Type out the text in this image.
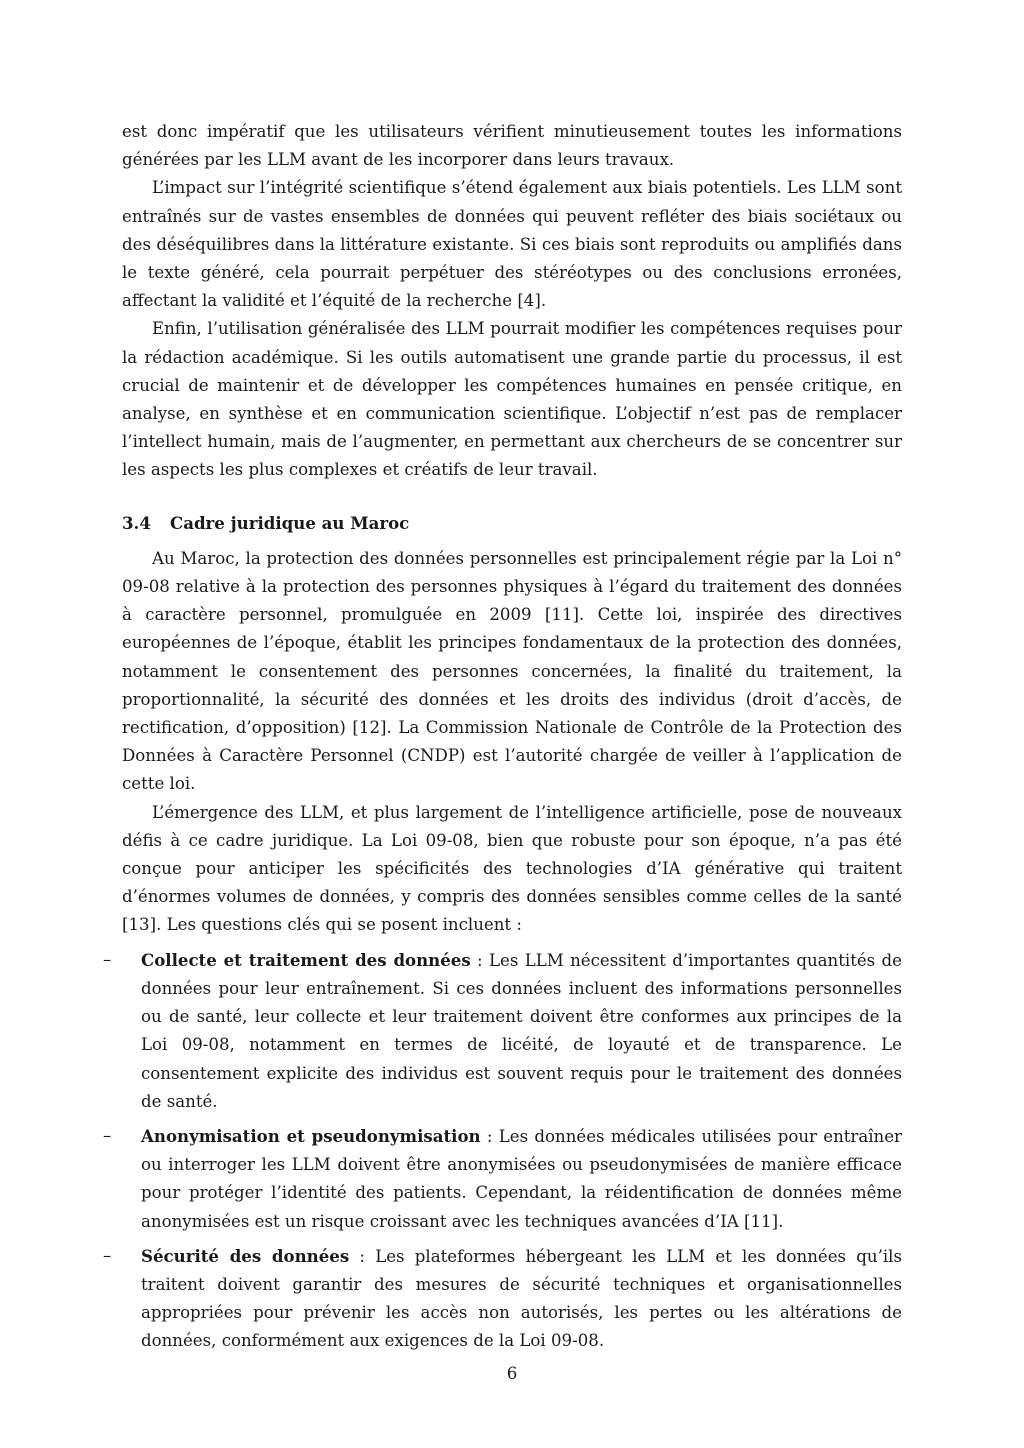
est donc impératif que les utilisateurs vérifient minutieusement toutes les informations générées par les LLM avant de les incorporer dans leurs travaux.

L’impact sur l’intégrité scientifique s’étend également aux biais potentiels. Les LLM sont entraînés sur de vastes ensembles de données qui peuvent refléter des biais sociétaux ou des déséquilibres dans la littérature existante. Si ces biais sont reproduits ou amplifiés dans le texte généré, cela pourrait perpétuer des stéréotypes ou des conclusions erronées, affectant la validité et l’équité de la recherche [4].

Enfin, l’utilisation généralisée des LLM pourrait modifier les compétences requises pour la rédaction académique. Si les outils automatisent une grande partie du processus, il est crucial de maintenir et de développer les compétences humaines en pensée critique, en analyse, en synthèse et en communication scientifique. L’objectif n’est pas de remplacer l’intellect humain, mais de l’augmenter, en permettant aux chercheurs de se concentrer sur les aspects les plus complexes et créatifs de leur travail.

3.4 Cadre juridique au Maroc

Au Maroc, la protection des données personnelles est principalement régie par la Loi n° 09-08 relative à la protection des personnes physiques à l’égard du traitement des données à caractère personnel, promulguée en 2009 [11]. Cette loi, inspirée des directives européennes de l’époque, établit les principes fondamentaux de la protection des données, notamment le consentement des personnes concernées, la finalité du traitement, la proportionnalité, la sécurité des données et les droits des individus (droit d’accès, de rectification, d’opposition) [12]. La Commission Nationale de Contrôle de la Protection des Données à Caractère Personnel (CNDP) est l’autorité chargée de veiller à l’application de cette loi.

L’émergence des LLM, et plus largement de l’intelligence artificielle, pose de nouveaux défis à ce cadre juridique. La Loi 09-08, bien que robuste pour son époque, n’a pas été conçue pour anticiper les spécificités des technologies d’IA générative qui traitent d’énormes volumes de données, y compris des données sensibles comme celles de la santé [13]. Les questions clés qui se posent incluent :

– Collecte et traitement des données : Les LLM nécessitent d’importantes quantités de données pour leur entraînement. Si ces données incluent des informations personnelles ou de santé, leur collecte et leur traitement doivent être conformes aux principes de la Loi 09-08, notamment en termes de licéité, de loyauté et de transparence. Le consentement explicite des individus est souvent requis pour le traitement des données de santé.
– Anonymisation et pseudonymisation : Les données médicales utilisées pour entraîner ou interroger les LLM doivent être anonymisées ou pseudonymisées de manière efficace pour protéger l’identité des patients. Cependant, la réidentification de données même anonymisées est un risque croissant avec les techniques avancées d’IA [11].
– Sécurité des données : Les plateformes hébergeant les LLM et les données qu’ils traitent doivent garantir des mesures de sécurité techniques et organisationnelles appropriées pour prévenir les accès non autorisés, les pertes ou les altérations de données, conformément aux exigences de la Loi 09-08.
6
